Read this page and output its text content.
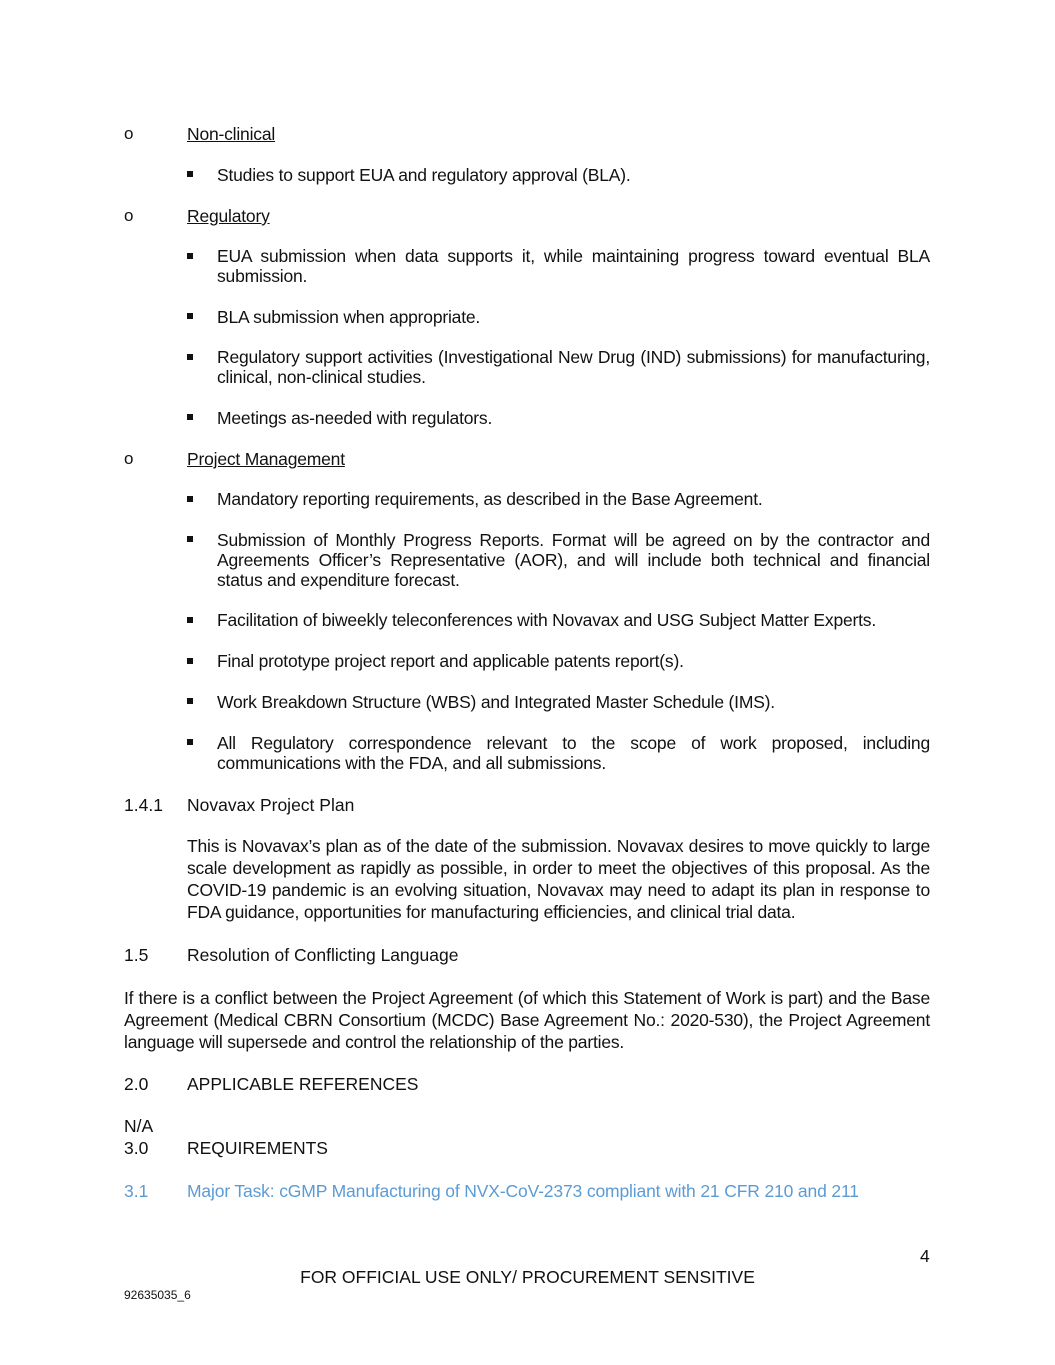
o	Non-clinical
Studies to support EUA and regulatory approval (BLA).
o	Regulatory
EUA submission when data supports it, while maintaining progress toward eventual BLA submission.
BLA submission when appropriate.
Regulatory support activities (Investigational New Drug (IND) submissions) for manufacturing, clinical, non-clinical studies.
Meetings as-needed with regulators.
o	Project Management
Mandatory reporting requirements, as described in the Base Agreement.
Submission of Monthly Progress Reports. Format will be agreed on by the contractor and Agreements Officer’s Representative (AOR), and will include both technical and financial status and expenditure forecast.
Facilitation of biweekly teleconferences with Novavax and USG Subject Matter Experts.
Final prototype project report and applicable patents report(s).
Work Breakdown Structure (WBS) and Integrated Master Schedule (IMS).
All Regulatory correspondence relevant to the scope of work proposed, including communications with the FDA, and all submissions.
1.4.1 Novavax Project Plan
This is Novavax’s plan as of the date of the submission. Novavax desires to move quickly to large scale development as rapidly as possible, in order to meet the objectives of this proposal. As the COVID-19 pandemic is an evolving situation, Novavax may need to adapt its plan in response to FDA guidance, opportunities for manufacturing efficiencies, and clinical trial data.
1.5 Resolution of Conflicting Language
If there is a conflict between the Project Agreement (of which this Statement of Work is part) and the Base Agreement (Medical CBRN Consortium (MCDC) Base Agreement No.: 2020-530), the Project Agreement language will supersede and control the relationship of the parties.
2.0 APPLICABLE REFERENCES
N/A
3.0 REQUIREMENTS
3.1 Major Task: cGMP Manufacturing of NVX-CoV-2373 compliant with 21 CFR 210 and 211
4
FOR OFFICIAL USE ONLY/ PROCUREMENT SENSITIVE
92635035_6
